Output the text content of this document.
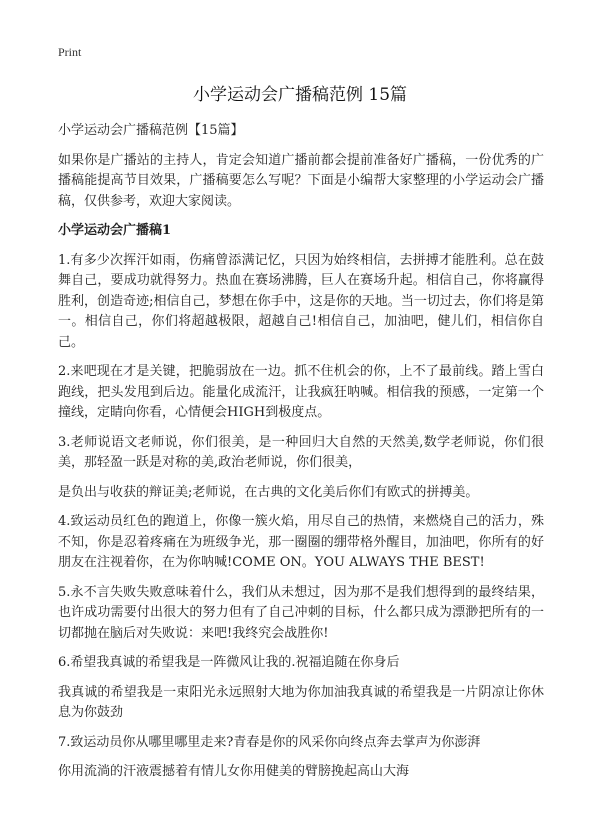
Print
小学运动会广播稿范例 15篇
小学运动会广播稿范例【15篇】
如果你是广播站的主持人，肯定会知道广播前都会提前准备好广播稿，一份优秀的广播稿能提高节目效果，广播稿要怎么写呢？下面是小编帮大家整理的小学运动会广播稿，仅供参考，欢迎大家阅读。
小学运动会广播稿1
1.有多少次挥汗如雨，伤痛曾添满记忆，只因为始终相信，去拼搏才能胜利。总在鼓舞自己，要成功就得努力。热血在赛场沸腾，巨人在赛场升起。相信自己，你将赢得胜利，创造奇迹;相信自己，梦想在你手中，这是你的天地。当一切过去，你们将是第一。相信自己，你们将超越极限，超越自己!相信自己，加油吧，健儿们，相信你自己。
2.来吧现在才是关键，把脆弱放在一边。抓不住机会的你，上不了最前线。踏上雪白跑线，把头发甩到后边。能量化成流汗，让我疯狂呐喊。相信我的预感，一定第一个撞线，定睛向你看，心情便会HIGH到极度点。
3.老师说语文老师说，你们很美，是一种回归大自然的天然美,数学老师说，你们很美，那轻盈一跃是对称的美,政治老师说，你们很美，
是负出与收获的辩证美;老师说，在古典的文化美后你们有欧式的拼搏美。
4.致运动员红色的跑道上，你像一簇火焰，用尽自己的热情，来燃烧自己的活力，殊不知，你是忍着疼痛在为班级争光，那一圈圈的绷带格外醒目，加油吧，你所有的好朋友在注视着你，在为你呐喊!COME ON。YOU ALWAYS THE BEST!
5.永不言失败失败意味着什么，我们从未想过，因为那不是我们想得到的最终结果，也许成功需要付出很大的努力但有了自己冲刺的目标，什么都只成为漂渺把所有的一切都抛在脑后对失败说：来吧!我终究会战胜你!
6.希望我真诚的希望我是一阵微风让我的.祝福追随在你身后
我真诚的希望我是一束阳光永远照射大地为你加油我真诚的希望我是一片阴凉让你休息为你鼓劲
7.致运动员你从哪里哪里走来?青春是你的风采你向终点奔去掌声为你澎湃
你用流淌的汗液震撼着有情儿女你用健美的臂膀挽起高山大海
